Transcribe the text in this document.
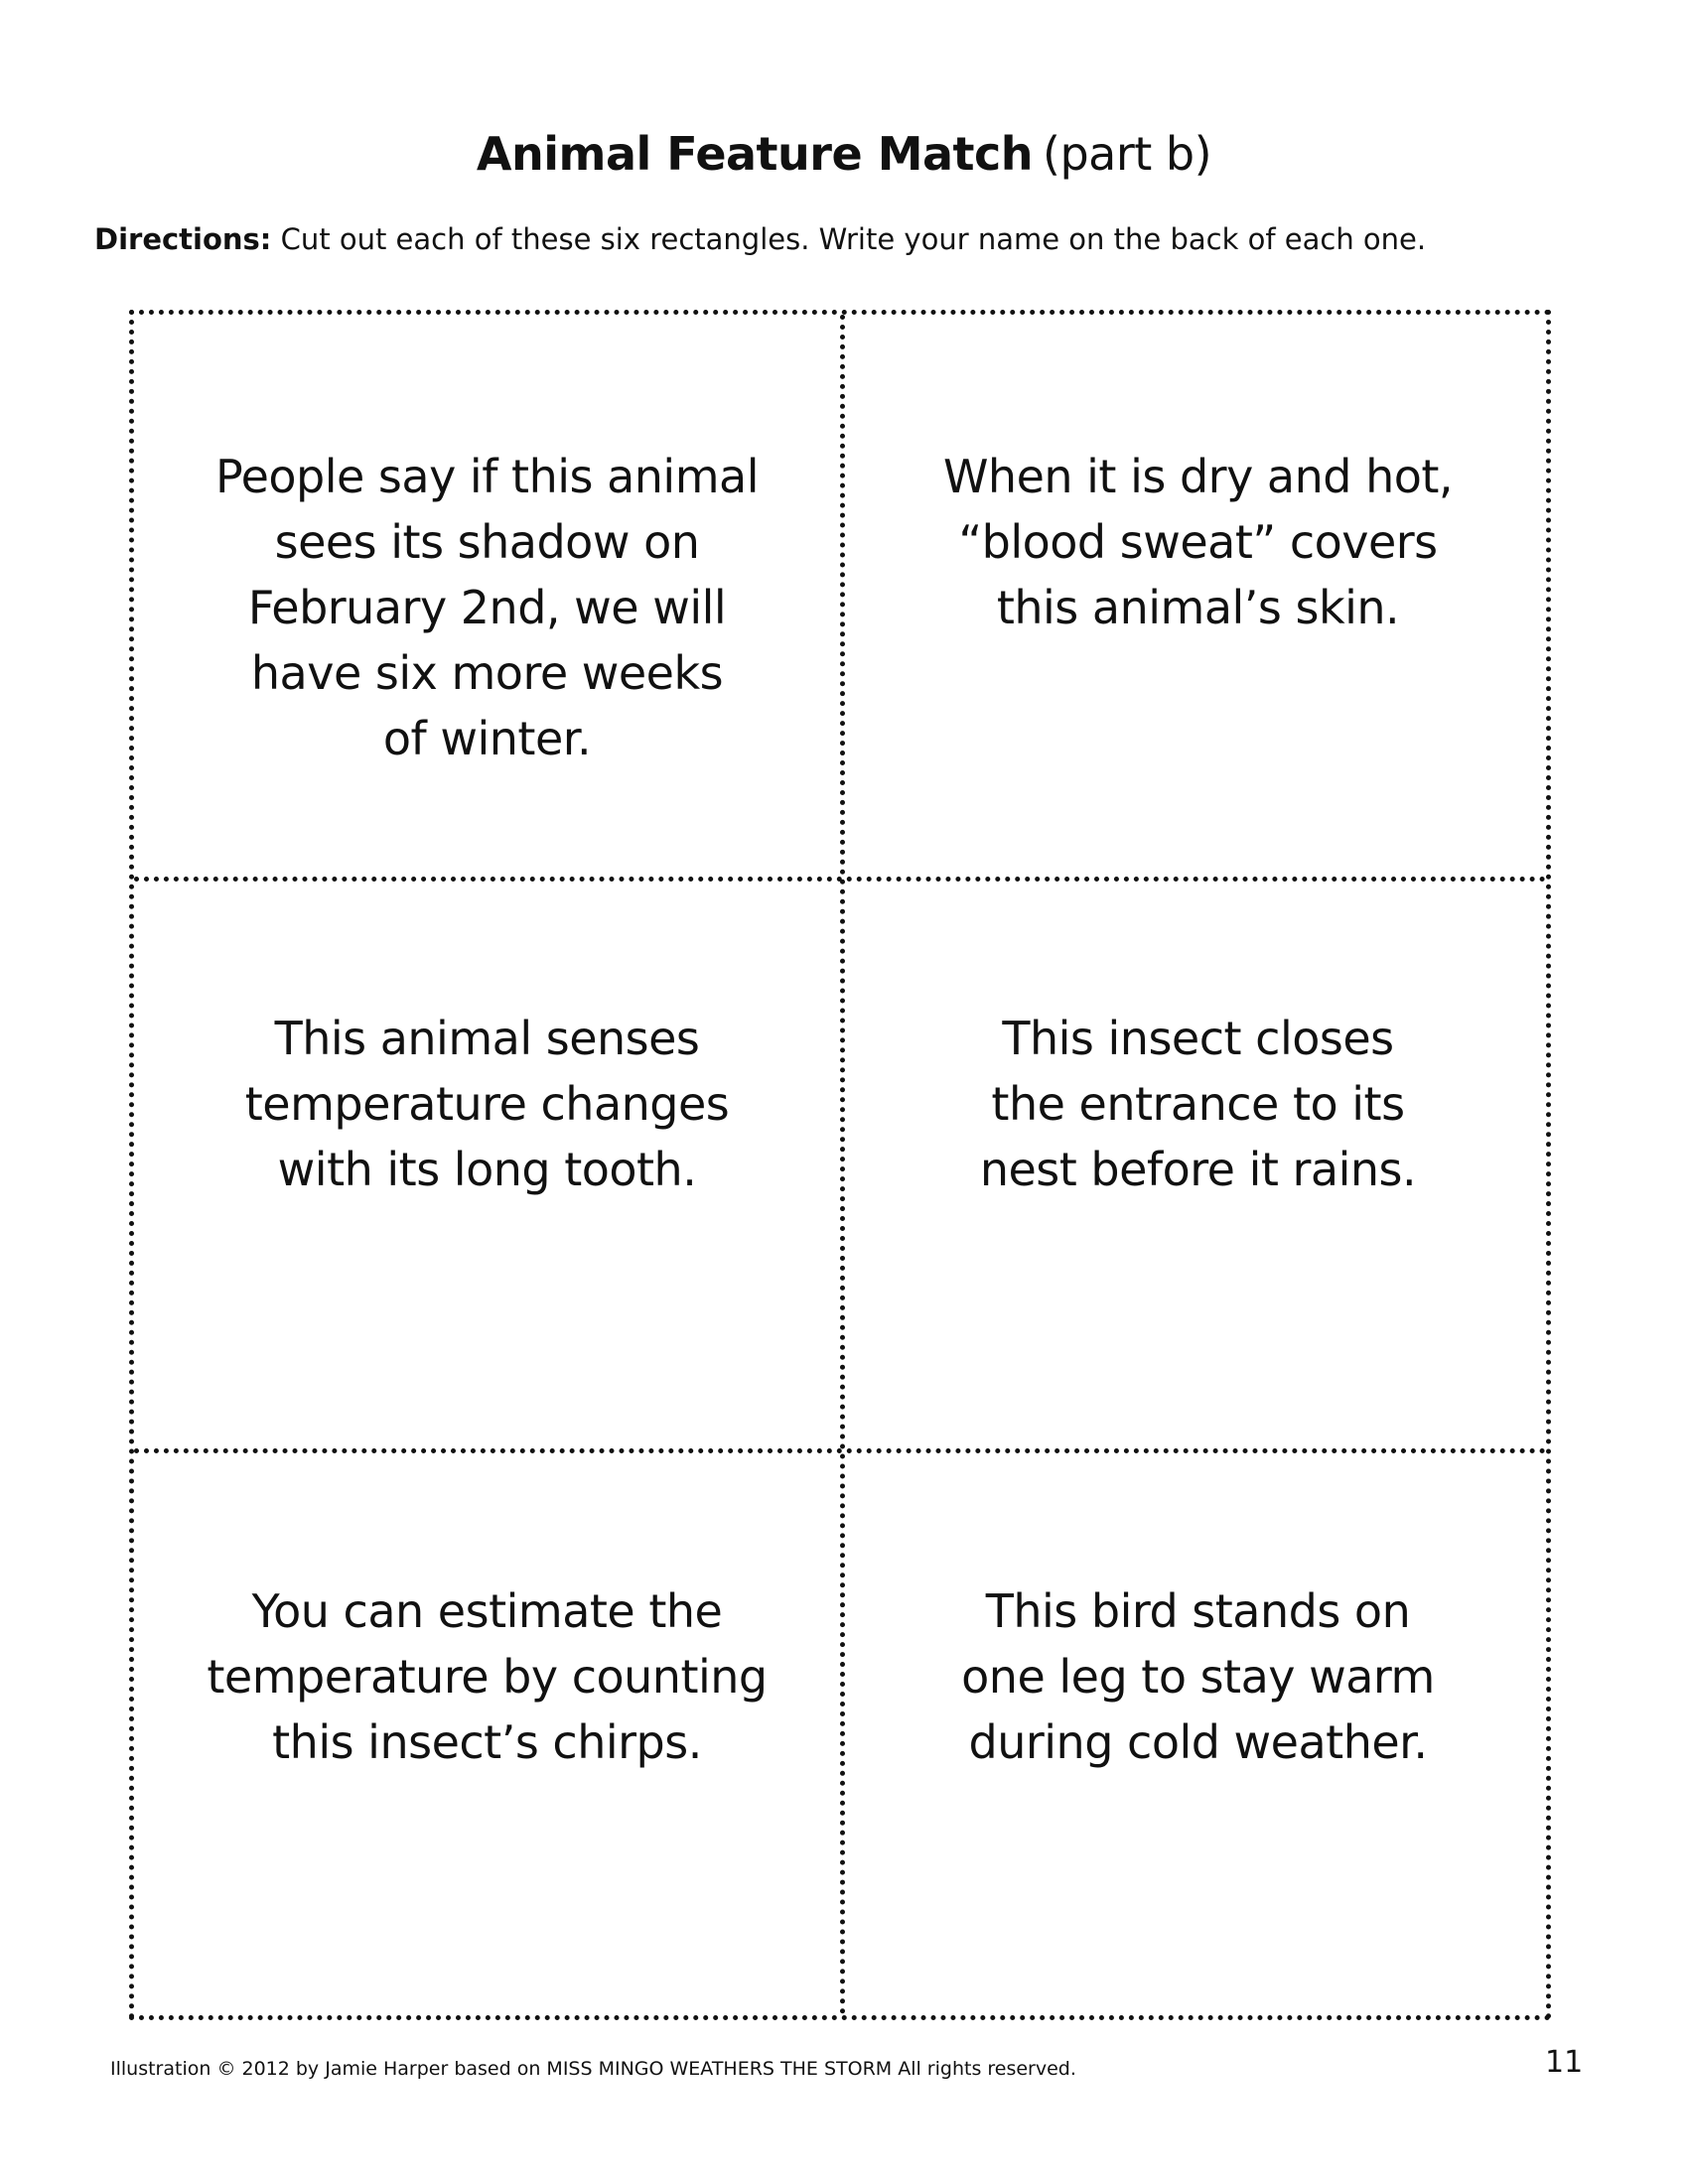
Animal Feature Match (part b)
Directions: Cut out each of these six rectangles. Write your name on the back of each one.
People say if this animal
sees its shadow on
February 2nd, we will
have six more weeks
of winter.
When it is dry and hot,
“blood sweat” covers
this animal’s skin.
This animal senses
temperature changes
with its long tooth.
This insect closes
the entrance to its
nest before it rains.
You can estimate the
temperature by counting
this insect’s chirps.
This bird stands on
one leg to stay warm
during cold weather.
Illustration © 2012 by Jamie Harper based on MISS MINGO WEATHERS THE STORM All rights reserved.	11
